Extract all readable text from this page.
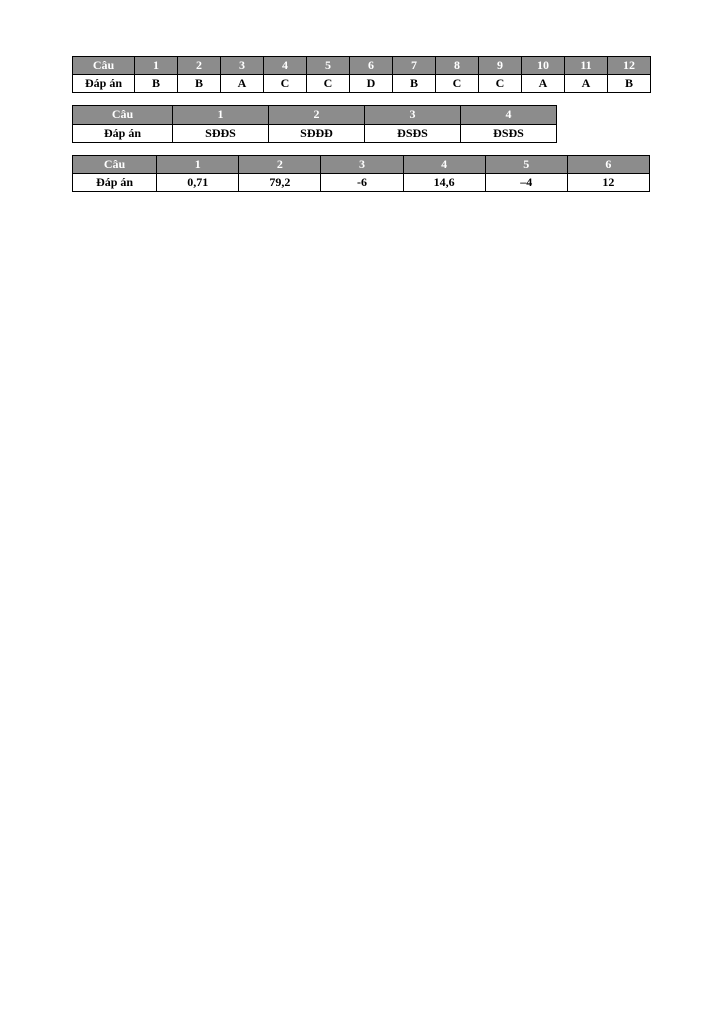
Câu	1	2	3	4	5	6	7	8	9	10	11	12
Đáp án	B	B	A	C	C	D	B	C	C	A	A	B
Câu	1	2	3	4
Đáp án	SĐĐS	SĐĐĐ	ĐSĐS	ĐSĐS
Câu	1	2	3	4	5	6
Đáp án	0,71	79,2	-6	14,6	–4	12
